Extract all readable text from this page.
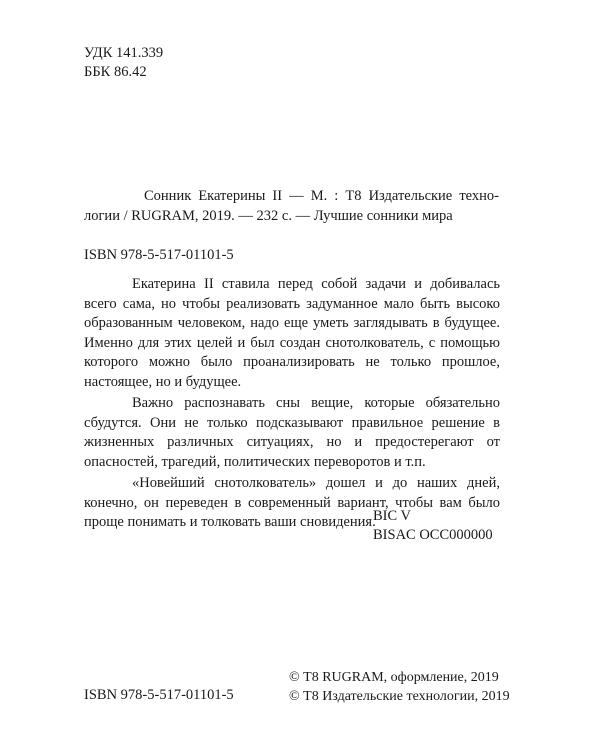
УДК 141.339
ББК 86.42
Сонник Екатерины II — М. : Т8 Издательские техно-
логии / RUGRAM, 2019. — 232 с. — Лучшие сонники мира
ISBN 978-5-517-01101-5

Екатерина II ставила перед собой задачи и добивалась всего сама, но чтобы реализовать задуманное мало быть высоко образованным человеком, надо еще уметь заглядывать в будущее. Именно для этих целей и был создан снотолкователь, с помощью которого можно было проанализировать не только прошлое, настоящее, но и будущее.

Важно распознавать сны вещие, которые обязательно сбудутся. Они не только подсказывают правильное решение в жизненных различных ситуациях, но и предостерегают от опасностей, трагедий, политических переворотов и т.п.

«Новейший снотолкователь» дошел и до наших дней, конечно, он переведен в современный вариант, чтобы вам было проще понимать и толковать ваши сновидения.

BIC V
BISAC OCC000000
ISBN 978-5-517-01101-5
© Т8 RUGRAM, оформление, 2019
© Т8 Издательские технологии, 2019
